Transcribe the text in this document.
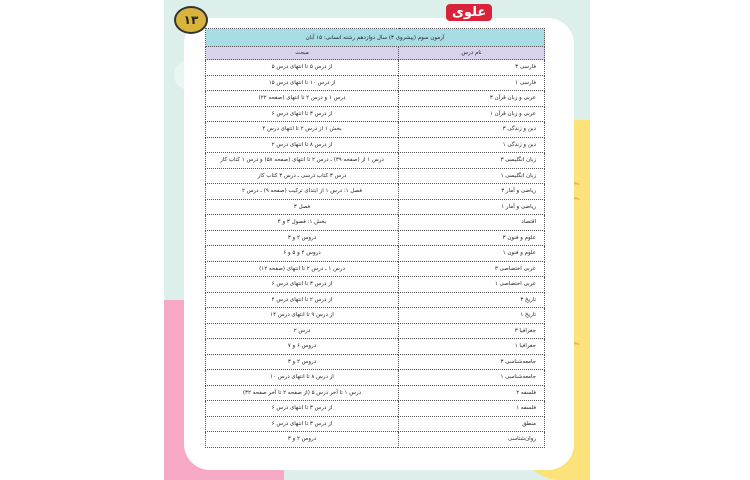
۱۳	علوی
آزمون سوم (پیشروی ۳) سال دوازدهم رشته انسانی: ۱۵ آبان	
نام درس	مبحث
فارسی ۳	از درس ۵ تا انتهای درس ۵
فارسی ۱	از درس ۱۰ تا انتهای درس ۱۵
عربی و زبان قرآن ۳	درس ۱ و درس ۲ تا انتهای (صفحه ۲۲)
عربی و زبان قرآن ۱	از درس ۳ تا انتهای درس ۶
دین و زندگی ۳	بخش ۱ از درس ۲ تا انتهای درس ۴
دین و زندگی ۱	از درس ۸ تا انتهای درس ۲
زبان انگلیسی ۳	درس ۱ از (صفحه ۳۹) ـ درس ۲ تا انتهای (صفحه ۵۸) و درس ۱ کتاب کار
زبان انگلیسی ۱	درس ۳ کتاب درسی ـ درس ۳ کتاب کار
ریاضی و آمار ۳	فصل ۱: درس ۱ از ابتدای ترکیب (صفحه ۹) ـ درس ۲
ریاضی و آمار ۱	فصل ۳
اقتصاد	بخش ۱: فصول ۳ و ۴
علوم و فنون ۳	دروس ۲ و ۳
علوم و فنون ۱	دروس ۴ و ۵ و ۶
عربی اختصاصی ۳	درس ۱ ـ درس ۲ تا انتهای (صفحه ۱۲)
عربی اختصاصی ۱	از درس ۳ تا انتهای درس ۶
تاریخ ۳	از درس ۲ تا انتهای درس ۴
تاریخ ۱	از درس ۹ تا انتهای درس ۱۴
جغرافیا ۳	درس ۲
جغرافیا ۱	دروس ۶ و ۷
جامعه‌شناسی ۳	دروس ۲ و ۳
جامعه‌شناسی ۱	از درس ۸ تا انتهای درس ۱۰
فلسفه ۲	درس ۱ تا آخر درس ۵ (از صفحه ۲ تا آخر صفحه ۳۲)
فلسفه ۱	از درس ۳ تا انتهای درس ۶
منطق	از درس ۳ تا انتهای درس ۶
روان‌شناسی	دروس ۲ و ۳
